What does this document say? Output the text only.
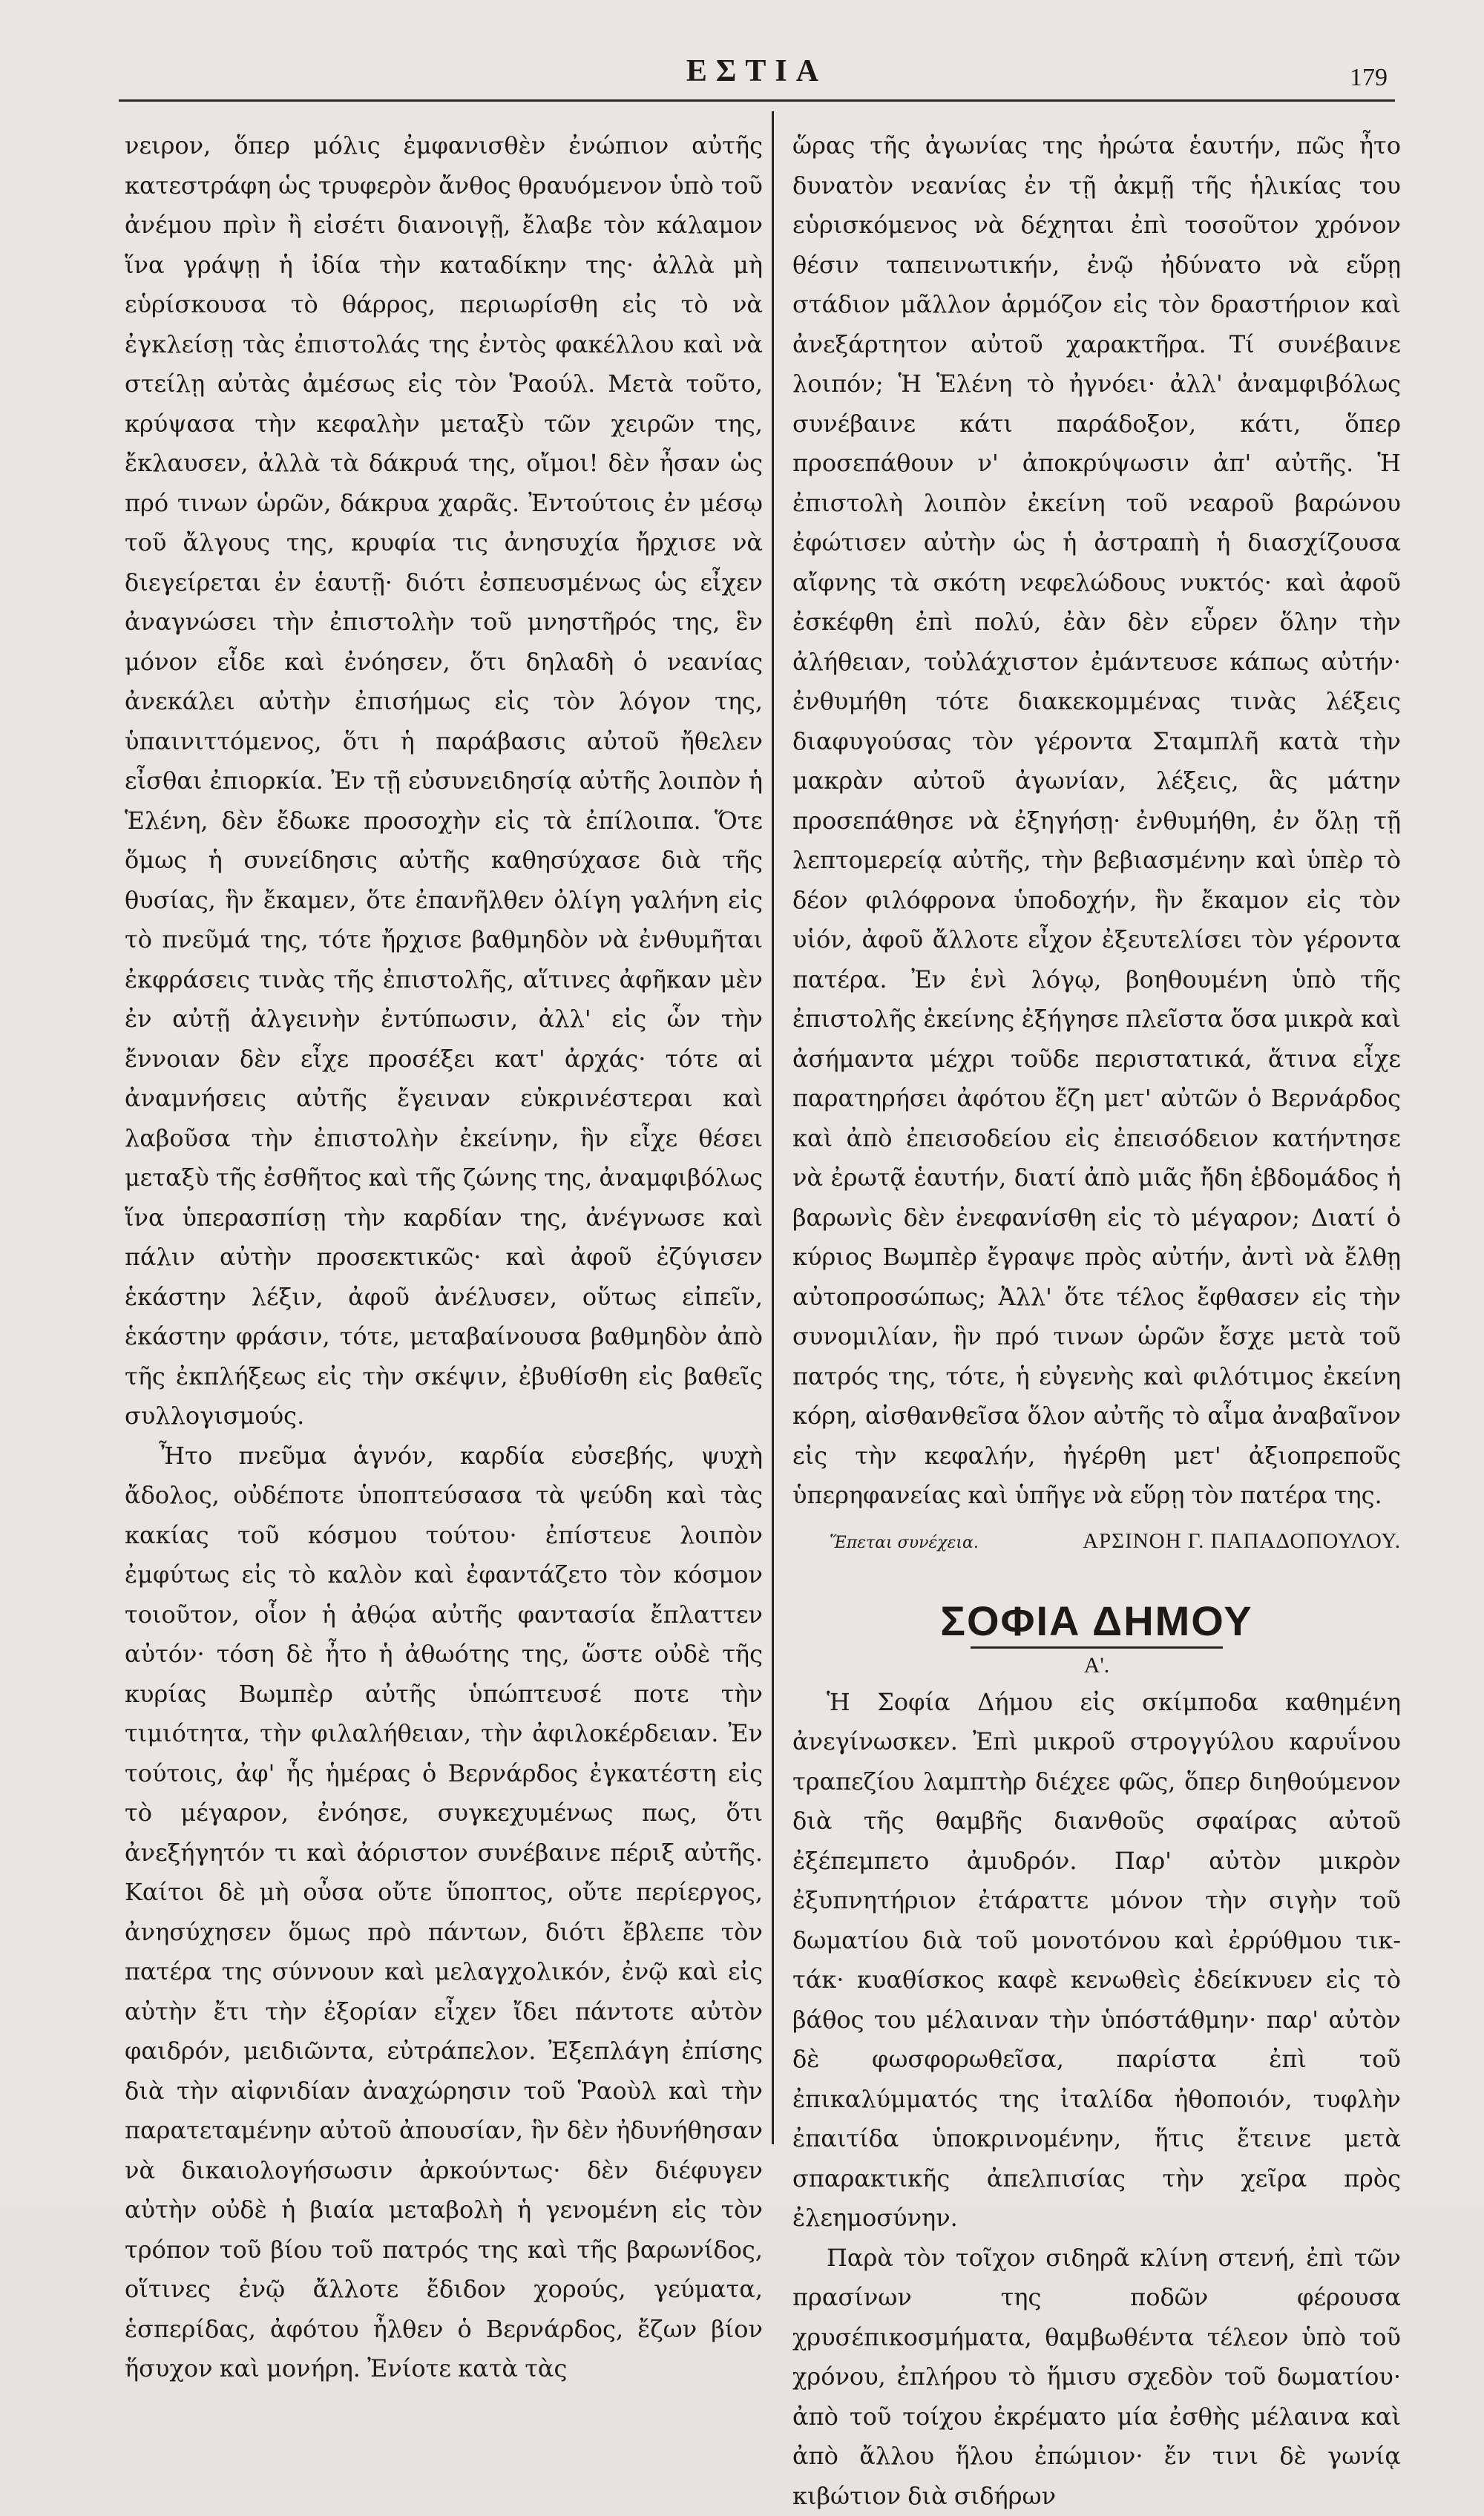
ΕΣΤΙΑ	179

νειρον, ὅπερ μόλις ἐμφανισθὲν ἐνώπιον αὐτῆς κατεστράφη ὡς τρυφερὸν ἄνθος θραυόμενον ὑπὸ τοῦ ἀνέμου πρὶν ἢ εἰσέτι διανοιγῇ, ἔλαβε τὸν κάλαμον ἵνα γράψῃ ἡ ἰδία τὴν καταδίκην της· ἀλλὰ μὴ εὑρίσκουσα τὸ θάρρος, περιωρίσθη εἰς τὸ νὰ ἐγκλείσῃ τὰς ἐπιστολάς της ἐντὸς φακέλλου καὶ νὰ στείλῃ αὐτὰς ἀμέσως εἰς τὸν Ῥαούλ. Μετὰ τοῦτο, κρύψασα τὴν κεφαλὴν μεταξὺ τῶν χειρῶν της, ἔκλαυσεν, ἀλλὰ τὰ δάκρυά της, οἴμοι! δὲν ἦσαν ὡς πρό τινων ὡρῶν, δάκρυα χαρᾶς. Ἐντούτοις ἐν μέσῳ τοῦ ἄλγους της, κρυφία τις ἀνησυχία ἤρχισε νὰ διεγείρεται ἐν ἑαυτῇ· διότι ἐσπευσμένως ὡς εἶχεν ἀναγνώσει τὴν ἐπιστολὴν τοῦ μνηστῆρός της, ἓν μόνον εἶδε καὶ ἐνόησεν, ὅτι δηλαδὴ ὁ νεανίας ἀνεκάλει αὐτὴν ἐπισήμως εἰς τὸν λόγον της, ὑπαινιττόμενος, ὅτι ἡ παράβασις αὐτοῦ ἤθελεν εἶσθαι ἐπιορκία. Ἐν τῇ εὐσυνειδησίᾳ αὐτῆς λοιπὸν ἡ Ἑλένη, δὲν ἔδωκε προσοχὴν εἰς τὰ ἐπίλοιπα. Ὅτε ὅμως ἡ συνείδησις αὐτῆς καθησύχασε διὰ τῆς θυσίας, ἣν ἔκαμεν, ὅτε ἐπανῆλθεν ὀλίγη γαλήνη εἰς τὸ πνεῦμά της, τότε ἤρχισε βαθμηδὸν νὰ ἐνθυμῆται ἐκφράσεις τινὰς τῆς ἐπιστολῆς, αἵτινες ἀφῆκαν μὲν ἐν αὐτῇ ἀλγεινὴν ἐντύπωσιν, ἀλλ' εἰς ὧν τὴν ἔννοιαν δὲν εἶχε προσέξει κατ' ἀρχάς· τότε αἱ ἀναμνήσεις αὐτῆς ἔγειναν εὐκρινέστεραι καὶ λαβοῦσα τὴν ἐπιστολὴν ἐκείνην, ἣν εἶχε θέσει μεταξὺ τῆς ἐσθῆτος καὶ τῆς ζώνης της, ἀναμφιβόλως ἵνα ὑπερασπίσῃ τὴν καρδίαν της, ἀνέγνωσε καὶ πάλιν αὐτὴν προσεκτικῶς· καὶ ἀφοῦ ἐζύγισεν ἑκάστην λέξιν, ἀφοῦ ἀνέλυσεν, οὕτως εἰπεῖν, ἑκάστην φράσιν, τότε, μεταβαίνουσα βαθμηδὸν ἀπὸ τῆς ἐκπλήξεως εἰς τὴν σκέψιν, ἐβυθίσθη εἰς βαθεῖς συλλογισμούς.

Ἦτο πνεῦμα ἁγνόν, καρδία εὐσεβής, ψυχὴ ἄδολος, οὐδέποτε ὑποπτεύσασα τὰ ψεύδη καὶ τὰς κακίας τοῦ κόσμου τούτου· ἐπίστευε λοιπὸν ἐμφύτως εἰς τὸ καλὸν καὶ ἐφαντάζετο τὸν κόσμον τοιοῦτον, οἷον ἡ ἀθῴα αὐτῆς φαντασία ἔπλαττεν αὐτόν· τόση δὲ ἦτο ἡ ἀθωότης της, ὥστε οὐδὲ τῆς κυρίας Βωμπὲρ αὐτῆς ὑπώπτευσέ ποτε τὴν τιμιότητα, τὴν φιλαλήθειαν, τὴν ἀφιλοκέρδειαν. Ἐν τούτοις, ἀφ' ἧς ἡμέρας ὁ Βερνάρδος ἐγκατέστη εἰς τὸ μέγαρον, ἐνόησε, συγκεχυμένως πως, ὅτι ἀνεξήγητόν τι καὶ ἀόριστον συνέβαινε πέριξ αὐτῆς. Καίτοι δὲ μὴ οὖσα οὔτε ὕποπτος, οὔτε περίεργος, ἀνησύχησεν ὅμως πρὸ πάντων, διότι ἔβλεπε τὸν πατέρα της σύννουν καὶ μελαγχολικόν, ἐνῷ καὶ εἰς αὐτὴν ἔτι τὴν ἐξορίαν εἶχεν ἴδει πάντοτε αὐτὸν φαιδρόν, μειδιῶντα, εὐτράπελον. Ἐξεπλάγη ἐπίσης διὰ τὴν αἰφνιδίαν ἀναχώρησιν τοῦ Ῥαοὺλ καὶ τὴν παρατεταμένην αὐτοῦ ἀπουσίαν, ἣν δὲν ἠδυνήθησαν νὰ δικαιολογήσωσιν ἀρκούντως· δὲν διέφυγεν αὐτὴν οὐδὲ ἡ βιαία μεταβολὴ ἡ γενομένη εἰς τὸν τρόπον τοῦ βίου τοῦ πατρός της καὶ τῆς βαρωνίδος, οἵτινες ἐνῷ ἄλλοτε ἔδιδον χορούς, γεύματα, ἑσπερίδας, ἀφότου ἦλθεν ὁ Βερνάρδος, ἔζων βίον ἥσυχον καὶ μονήρη. Ἐνίοτε κατὰ τὰς

ὥρας τῆς ἀγωνίας της ἠρώτα ἑαυτήν, πῶς ἦτο δυνατὸν νεανίας ἐν τῇ ἀκμῇ τῆς ἡλικίας του εὑρισκόμενος νὰ δέχηται ἐπὶ τοσοῦτον χρόνον θέσιν ταπεινωτικήν, ἐνῷ ἠδύνατο νὰ εὕρῃ στάδιον μᾶλλον ἁρμόζον εἰς τὸν δραστήριον καὶ ἀνεξάρτητον αὐτοῦ χαρακτῆρα. Τί συνέβαινε λοιπόν; Ἡ Ἑλένη τὸ ἠγνόει· ἀλλ' ἀναμφιβόλως συνέβαινε κάτι παράδοξον, κάτι, ὅπερ προσεπάθουν ν' ἀποκρύψωσιν ἀπ' αὐτῆς. Ἡ ἐπιστολὴ λοιπὸν ἐκείνη τοῦ νεαροῦ βαρώνου ἐφώτισεν αὐτὴν ὡς ἡ ἀστραπὴ ἡ διασχίζουσα αἴφνης τὰ σκότη νεφελώδους νυκτός· καὶ ἀφοῦ ἐσκέφθη ἐπὶ πολύ, ἐὰν δὲν εὗρεν ὅλην τὴν ἀλήθειαν, τοὐλάχιστον ἐμάντευσε κάπως αὐτήν· ἐνθυμήθη τότε διακεκομμένας τινὰς λέξεις διαφυγούσας τὸν γέροντα Σταμπλῆ κατὰ τὴν μακρὰν αὐτοῦ ἀγωνίαν, λέξεις, ἃς μάτην προσεπάθησε νὰ ἐξηγήσῃ· ἐνθυμήθη, ἐν ὅλῃ τῇ λεπτομερείᾳ αὐτῆς, τὴν βεβιασμένην καὶ ὑπὲρ τὸ δέον φιλόφρονα ὑποδοχήν, ἣν ἔκαμον εἰς τὸν υἱόν, ἀφοῦ ἄλλοτε εἶχον ἐξευτελίσει τὸν γέροντα πατέρα. Ἐν ἑνὶ λόγῳ, βοηθουμένη ὑπὸ τῆς ἐπιστολῆς ἐκείνης ἐξήγησε πλεῖστα ὅσα μικρὰ καὶ ἀσήμαντα μέχρι τοῦδε περιστατικά, ἅτινα εἶχε παρατηρήσει ἀφότου ἔζη μετ' αὐτῶν ὁ Βερνάρδος καὶ ἀπὸ ἐπεισοδείου εἰς ἐπεισόδειον κατήντησε νὰ ἐρωτᾷ ἑαυτήν, διατί ἀπὸ μιᾶς ἤδη ἑβδομάδος ἡ βαρωνὶς δὲν ἐνεφανίσθη εἰς τὸ μέγαρον; Διατί ὁ κύριος Βωμπὲρ ἔγραψε πρὸς αὐτήν, ἀντὶ νὰ ἔλθῃ αὐτοπροσώπως; Ἀλλ' ὅτε τέλος ἔφθασεν εἰς τὴν συνομιλίαν, ἣν πρό τινων ὡρῶν ἔσχε μετὰ τοῦ πατρός της, τότε, ἡ εὐγενὴς καὶ φιλότιμος ἐκείνη κόρη, αἰσθανθεῖσα ὅλον αὐτῆς τὸ αἷμα ἀναβαῖνον εἰς τὴν κεφαλήν, ἠγέρθη μετ' ἀξιοπρεποῦς ὑπερηφανείας καὶ ὑπῆγε νὰ εὕρῃ τὸν πατέρα της.

Ἕπεται συνέχεια.	ΑΡΣΙΝΟΗ Γ. ΠΑΠΑΔΟΠΟΥΛΟΥ.
ΣΟΦΙΑ ΔΗΜΟΥ
Α'.

Ἡ Σοφία Δήμου εἰς σκίμποδα καθημένη ἀνεγίνωσκεν. Ἐπὶ μικροῦ στρογγύλου καρυΐνου τραπεζίου λαμπτὴρ διέχεε φῶς, ὅπερ διηθούμενον διὰ τῆς θαμβῆς διανθοῦς σφαίρας αὐτοῦ ἐξέπεμπετο ἀμυδρόν. Παρ' αὐτὸν μικρὸν ἐξυπνητήριον ἐτάραττε μόνον τὴν σιγὴν τοῦ δωματίου διὰ τοῦ μονοτόνου καὶ ἐρρύθμου τικ-τάκ· κυαθίσκος καφὲ κενωθεὶς ἐδείκνυεν εἰς τὸ βάθος του μέλαιναν τὴν ὑπόστάθμην· παρ' αὐτὸν δὲ φωσφορωθεῖσα, παρίστα ἐπὶ τοῦ ἐπικαλύμματός της ἰταλίδα ἠθοποιόν, τυφλὴν ἐπαιτίδα ὑποκρινομένην, ἥτις ἔτεινε μετὰ σπαρακτικῆς ἀπελπισίας τὴν χεῖρα πρὸς ἐλεημοσύνην.

Παρὰ τὸν τοῖχον σιδηρᾶ κλίνη στενή, ἐπὶ τῶν πρασίνων της ποδῶν φέρουσα χρυσέπικοσμήματα, θαμβωθέντα τέλεον ὑπὸ τοῦ χρόνου, ἐπλήρου τὸ ἥμισυ σχεδὸν τοῦ δωματίου· ἀπὸ τοῦ τοίχου ἐκρέματο μία ἐσθὴς μέλαινα καὶ ἀπὸ ἄλλου ἥλου ἐπώμιον· ἔν τινι δὲ γωνίᾳ κιβώτιον διὰ σιδήρων
